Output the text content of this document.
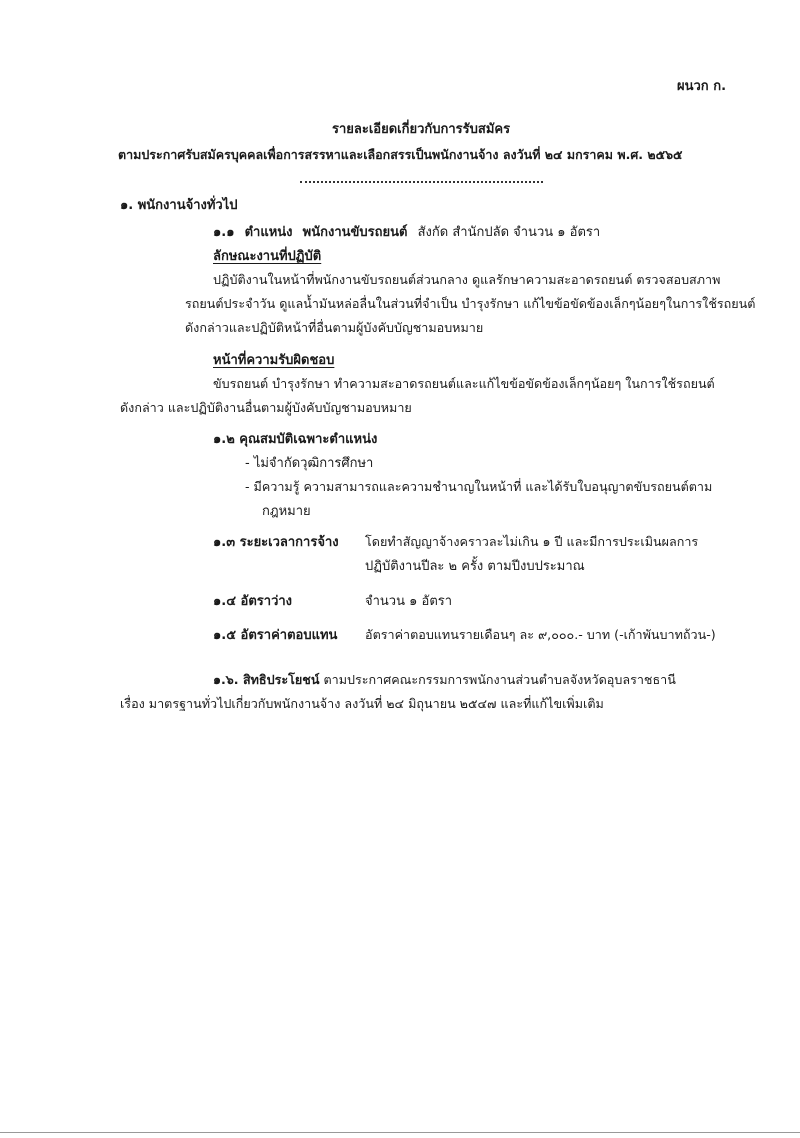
ผนวก ก.
รายละเอียดเกี่ยวกับการรับสมัคร
ตามประกาศรับสมัครบุคคลเพื่อการสรรหาและเลือกสรรเป็นพนักงานจ้าง ลงวันที่ ๒๔ มกราคม พ.ศ. ๒๕๖๕
๑. พนักงานจ้างทั่วไป
๑.๑ ตำแหน่ง พนักงานขับรถยนต์ สังกัด สำนักปลัด จำนวน ๑ อัตรา
ลักษณะงานที่ปฏิบัติ
ปฏิบัติงานในหน้าที่พนักงานขับรถยนต์ส่วนกลาง ดูแลรักษาความสะอาดรถยนต์ ตรวจสอบสภาพ
รถยนต์ประจำวัน ดูแลน้ำมันหล่อลื่นในส่วนที่จำเป็น บำรุงรักษา แก้ไขข้อขัดข้องเล็กๆน้อยๆในการใช้รถยนต์
ดังกล่าวและปฏิบัติหน้าที่อื่นตามผู้บังคับบัญชามอบหมาย
หน้าที่ความรับผิดชอบ
ขับรถยนต์ บำรุงรักษา ทำความสะอาดรถยนต์และแก้ไขข้อขัดข้องเล็กๆน้อยๆ ในการใช้รถยนต์
ดังกล่าว และปฏิบัติงานอื่นตามผู้บังคับบัญชามอบหมาย
๑.๒ คุณสมบัติเฉพาะตำแหน่ง
- ไม่จำกัดวุฒิการศึกษา
- มีความรู้ ความสามารถและความชำนาญในหน้าที่ และได้รับใบอนุญาตขับรถยนต์ตาม
กฎหมาย
๑.๓ ระยะเวลาการจ้าง โดยทำสัญญาจ้างคราวละไม่เกิน ๑ ปี และมีการประเมินผลการ
ปฏิบัติงานปีละ ๒ ครั้ง ตามปีงบประมาณ
๑.๔ อัตราว่าง	จำนวน ๑ อัตรา
๑.๕ อัตราค่าตอบแทน อัตราค่าตอบแทนรายเดือนๆ ละ ๙,๐๐๐.- บาท (-เก้าพันบาทถ้วน-)
๑.๖. สิทธิประโยชน์ ตามประกาศคณะกรรมการพนักงานส่วนตำบลจังหวัดอุบลราชธานี
เรื่อง มาตรฐานทั่วไปเกี่ยวกับพนักงานจ้าง ลงวันที่ ๒๔ มิถุนายน ๒๕๔๗ และที่แก้ไขเพิ่มเติม
